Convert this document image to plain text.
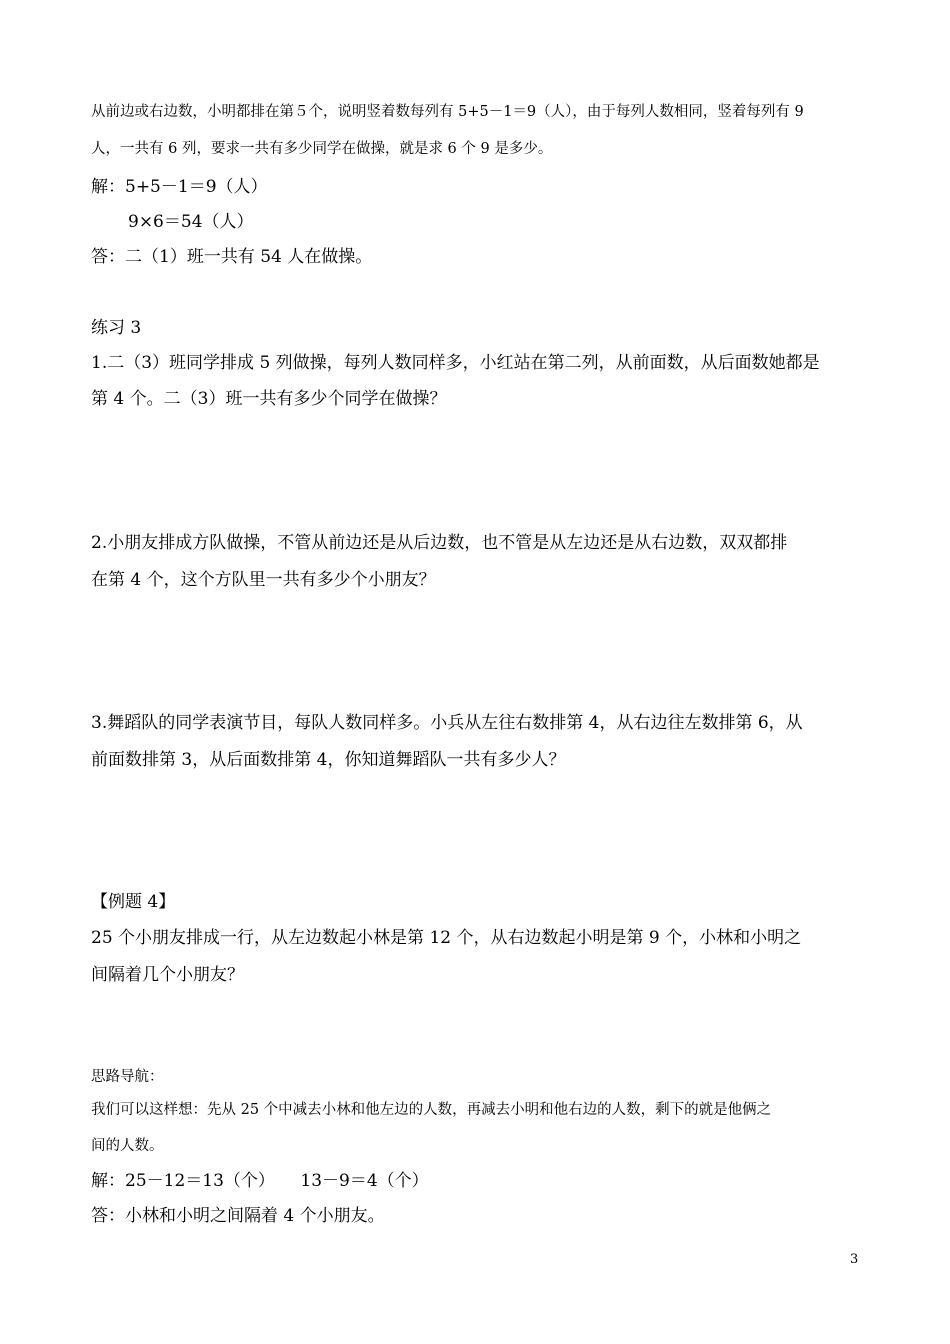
从前边或右边数，小明都排在第５个，说明竖着数每列有 5+5－1＝9（人），由于每列人数相同，竖着每列有 9
人，一共有 6 列，要求一共有多少同学在做操，就是求 6 个 9 是多少。
解：5+5－1＝9（人）
9×6＝54（人）
答：二（1）班一共有 54 人在做操。
练习 3
1.二（3）班同学排成 5 列做操，每列人数同样多，小红站在第二列，从前面数，从后面数她都是
第 4 个。二（3）班一共有多少个同学在做操？
2.小朋友排成方队做操，不管从前边还是从后边数，也不管是从左边还是从右边数，双双都排
在第 4 个，这个方队里一共有多少个小朋友？
3.舞蹈队的同学表演节目，每队人数同样多。小兵从左往右数排第 4，从右边往左数排第 6，从
前面数排第 3，从后面数排第 4，你知道舞蹈队一共有多少人？
【例题 4】
25 个小朋友排成一行，从左边数起小林是第 12 个，从右边数起小明是第 9 个，小林和小明之
间隔着几个小朋友？
思路导航：
我们可以这样想：先从 25 个中减去小林和他左边的人数，再减去小明和他右边的人数，剩下的就是他俩之
间的人数。
解：25－12＝13（个）　　13－9＝4（个）
答：小林和小明之间隔着 4 个小朋友。
3
